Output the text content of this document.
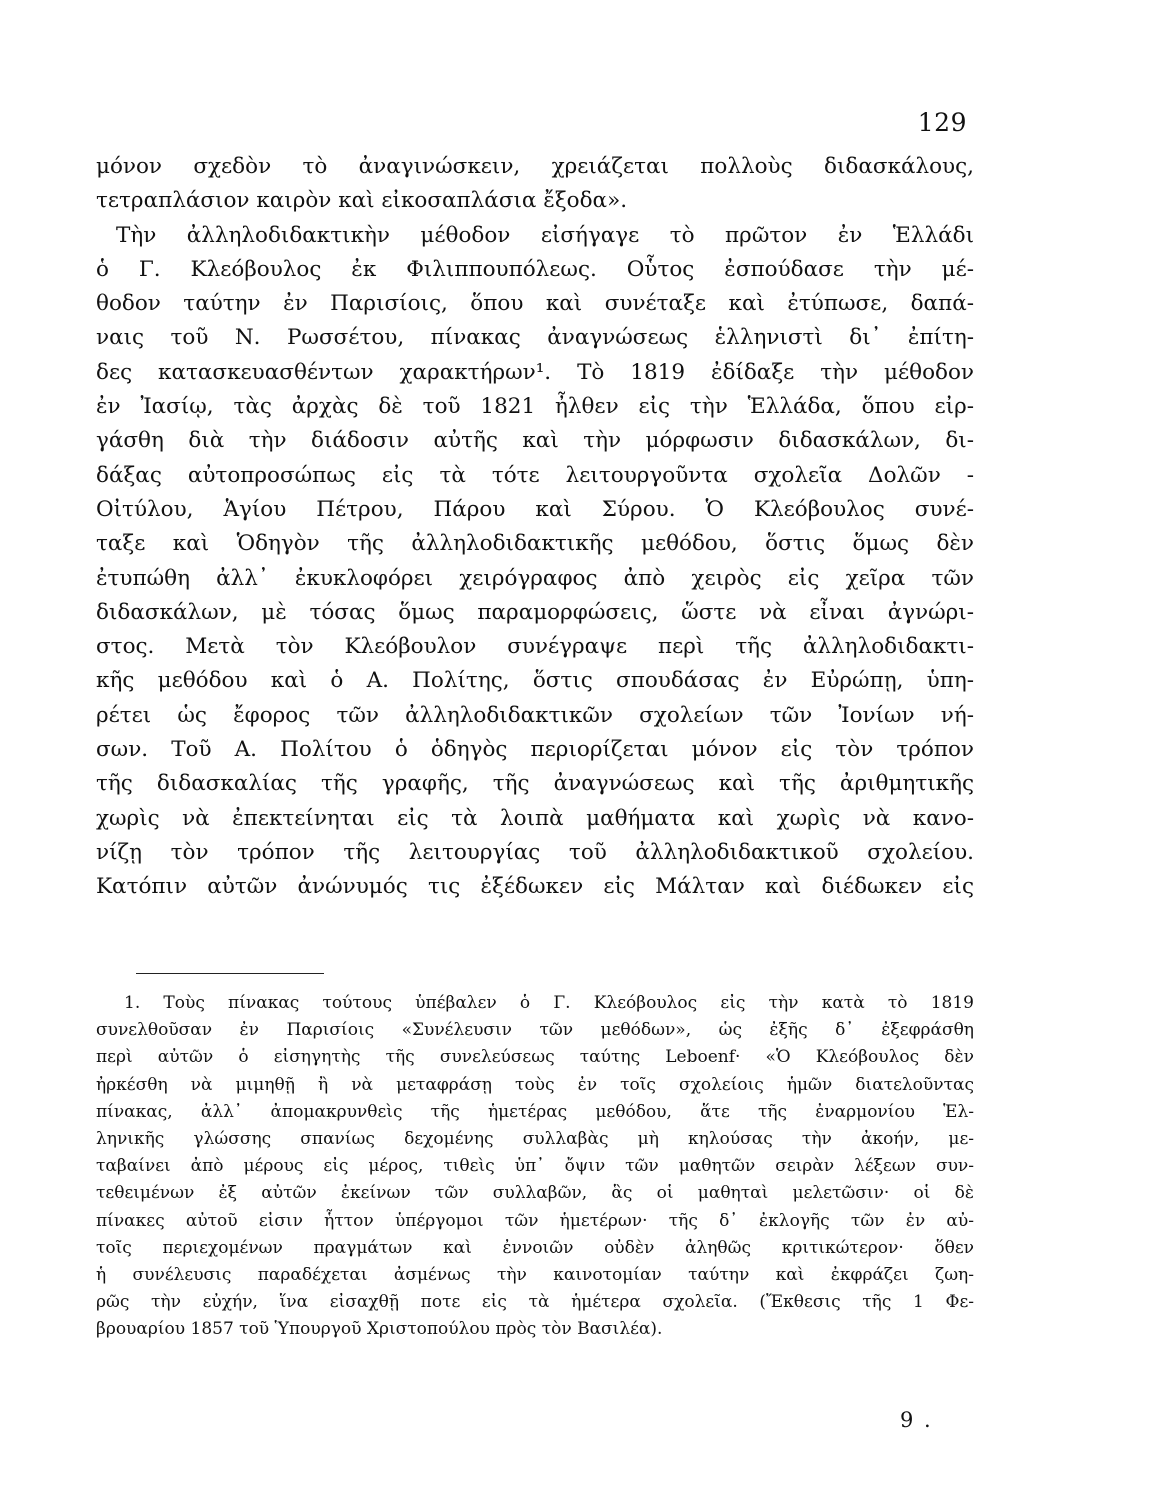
129
μόνον σχεδὸν τὸ ἀναγινώσκειν, χρειάζεται πολλοὺς διδασκάλους,
τετραπλάσιον καιρὸν καὶ εἰκοσαπλάσια ἔξοδα».
Τὴν ἀλληλοδιδακτικὴν μέθοδον εἰσήγαγε τὸ πρῶτον ἐν Ἑλλάδι
ὁ Γ. Κλεόβουλος ἐκ Φιλιππουπόλεως. Οὗτος ἐσπούδασε τὴν μέ-
θοδον ταύτην ἐν Παρισίοις, ὅπου καὶ συνέταξε καὶ ἐτύπωσε, δαπά-
ναις τοῦ Ν. Ρωσσέτου, πίνακας ἀναγνώσεως ἑλληνιστὶ δι᾿ ἐπίτη-
δες κατασκευασθέντων χαρακτήρων¹. Τὸ 1819 ἐδίδαξε τὴν μέθοδον
ἐν Ἰασίῳ, τὰς ἀρχὰς δὲ τοῦ 1821 ἦλθεν εἰς τὴν Ἑλλάδα, ὅπου εἰρ-
γάσθη διὰ τὴν διάδοσιν αὐτῆς καὶ τὴν μόρφωσιν διδασκάλων, δι-
δάξας αὐτοπροσώπως εἰς τὰ τότε λειτουργοῦντα σχολεῖα Δολῶν -
Οἰτύλου, Ἁγίου Πέτρου, Πάρου καὶ Σύρου. Ὁ Κλεόβουλος συνέ-
ταξε καὶ Ὁδηγὸν τῆς ἀλληλοδιδακτικῆς μεθόδου, ὅστις ὅμως δὲν
ἐτυπώθη ἀλλ᾿ ἐκυκλοφόρει χειρόγραφος ἀπὸ χειρὸς εἰς χεῖρα τῶν
διδασκάλων, μὲ τόσας ὅμως παραμορφώσεις, ὥστε νὰ εἶναι ἀγνώρι-
στος. Μετὰ τὸν Κλεόβουλον συνέγραψε περὶ τῆς ἀλληλοδιδακτι-
κῆς μεθόδου καὶ ὁ Α. Πολίτης, ὅστις σπουδάσας ἐν Εὐρώπῃ, ὑπη-
ρέτει ὡς ἔφορος τῶν ἀλληλοδιδακτικῶν σχολείων τῶν Ἰονίων νή-
σων. Τοῦ Α. Πολίτου ὁ ὁδηγὸς περιορίζεται μόνον εἰς τὸν τρόπον
τῆς διδασκαλίας τῆς γραφῆς, τῆς ἀναγνώσεως καὶ τῆς ἀριθμητικῆς
χωρὶς νὰ ἐπεκτείνηται εἰς τὰ λοιπὰ μαθήματα καὶ χωρὶς νὰ κανο-
νίζῃ τὸν τρόπον τῆς λειτουργίας τοῦ ἀλληλοδιδακτικοῦ σχολείου.
Κατόπιν αὐτῶν ἀνώνυμός τις ἐξέδωκεν εἰς Μάλταν καὶ διέδωκεν εἰς
1. Τοὺς πίνακας τούτους ὑπέβαλεν ὁ Γ. Κλεόβουλος εἰς τὴν κατὰ τὸ 1819
συνελθοῦσαν ἐν Παρισίοις «Συνέλευσιν τῶν μεθόδων», ὡς ἐξῆς δ᾿ ἐξεφράσθη
περὶ αὐτῶν ὁ εἰσηγητὴς τῆς συνελεύσεως ταύτης Leboenf· «Ὁ Κλεόβουλος δὲν
ἠρκέσθη νὰ μιμηθῇ ἢ νὰ μεταφράσῃ τοὺς ἐν τοῖς σχολείοις ἡμῶν διατελοῦντας
πίνακας, ἀλλ᾿ ἀπομακρυνθεὶς τῆς ἡμετέρας μεθόδου, ἅτε τῆς ἐναρμονίου Ἑλ-
ληνικῆς γλώσσης σπανίως δεχομένης συλλαβὰς μὴ κηλούσας τὴν ἀκοήν, με-
ταβαίνει ἀπὸ μέρους εἰς μέρος, τιθεὶς ὑπ᾿ ὄψιν τῶν μαθητῶν σειρὰν λέξεων συν-
τεθειμένων ἐξ αὐτῶν ἐκείνων τῶν συλλαβῶν, ἃς οἱ μαθηταὶ μελετῶσιν· οἱ δὲ
πίνακες αὐτοῦ εἰσιν ἧττον ὑπέργομοι τῶν ἡμετέρων· τῆς δ᾿ ἐκλογῆς τῶν ἐν αὐ-
τοῖς περιεχομένων πραγμάτων καὶ ἐννοιῶν οὐδὲν ἀληθῶς κριτικώτερον· ὅθεν
ἡ συνέλευσις παραδέχεται ἀσμένως τὴν καινοτομίαν ταύτην καὶ ἐκφράζει ζωη-
ρῶς τὴν εὐχήν, ἵνα εἰσαχθῇ ποτε εἰς τὰ ἡμέτερα σχολεῖα. (Ἔκθεσις τῆς 1 Φε-
βρουαρίου 1857 τοῦ Ὑπουργοῦ Χριστοπούλου πρὸς τὸν Βασιλέα).
9 .
